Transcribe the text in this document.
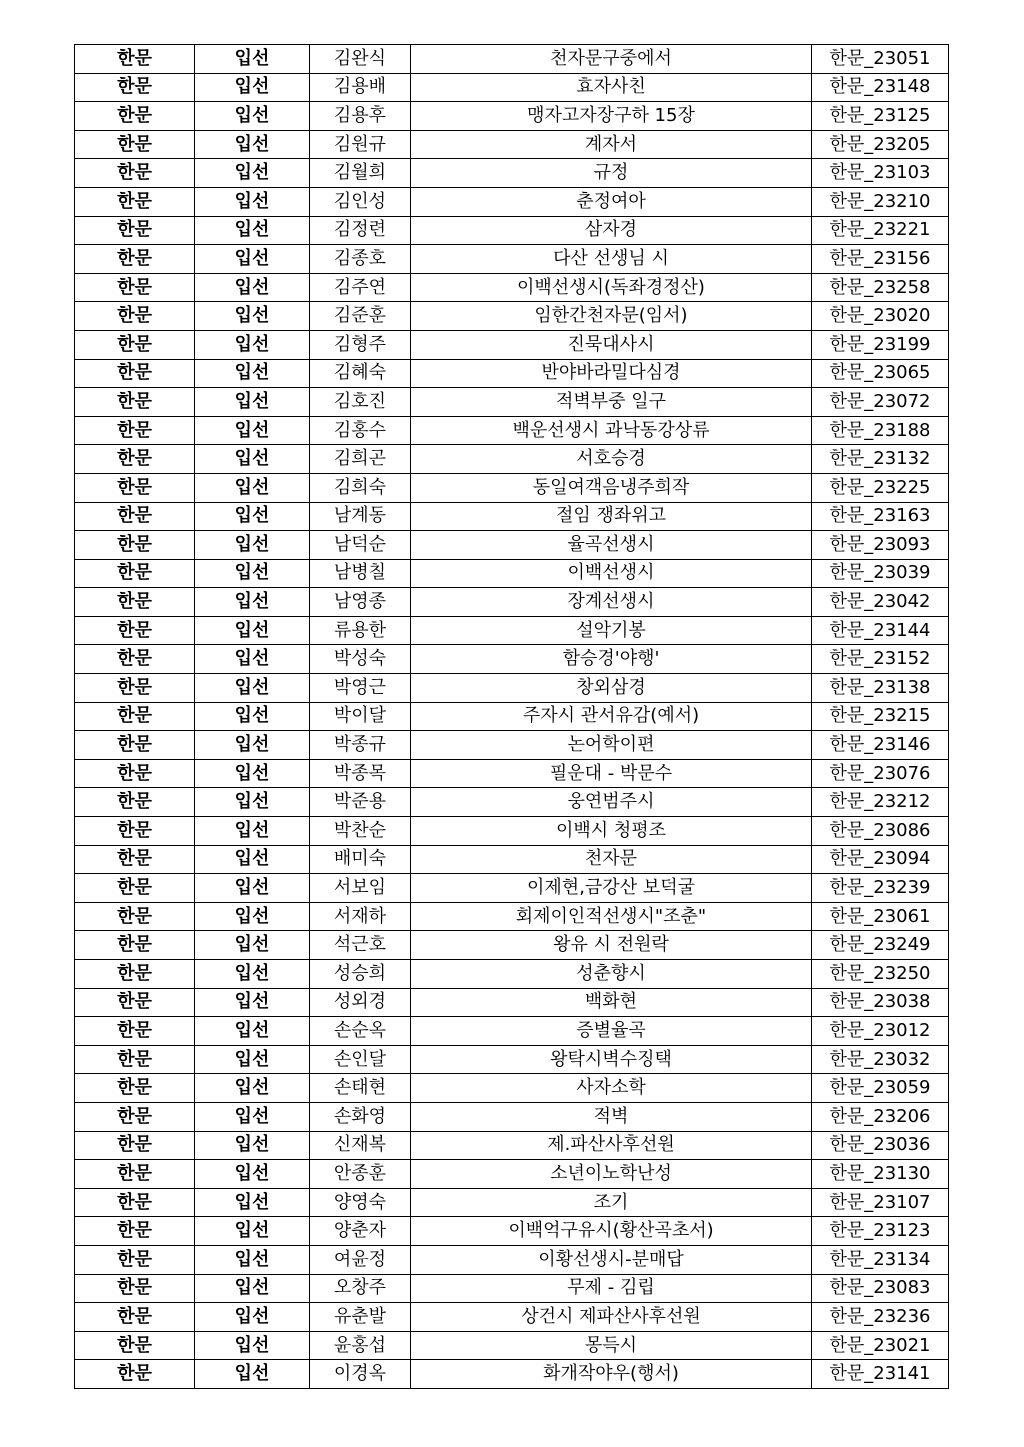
한문	입선	김완식	천자문구중에서	한문_23051
한문	입선	김용배	효자사친	한문_23148
한문	입선	김용후	맹자고자장구하 15장	한문_23125
한문	입선	김원규	계자서	한문_23205
한문	입선	김월희	규정	한문_23103
한문	입선	김인성	춘정여아	한문_23210
한문	입선	김정련	삼자경	한문_23221
한문	입선	김종호	다산 선생님 시	한문_23156
한문	입선	김주연	이백선생시(독좌경정산)	한문_23258
한문	입선	김준훈	임한간천자문(임서)	한문_23020
한문	입선	김형주	진묵대사시	한문_23199
한문	입선	김혜숙	반야바라밀다심경	한문_23065
한문	입선	김호진	적벽부중 일구	한문_23072
한문	입선	김홍수	백운선생시 과낙동강상류	한문_23188
한문	입선	김희곤	서호승경	한문_23132
한문	입선	김희숙	동일여객음냉주희작	한문_23225
한문	입선	남계동	절임 쟁좌위고	한문_23163
한문	입선	남덕순	율곡선생시	한문_23093
한문	입선	남병칠	이백선생시	한문_23039
한문	입선	남영종	장계선생시	한문_23042
한문	입선	류용한	설악기봉	한문_23144
한문	입선	박성숙	함승경'야행'	한문_23152
한문	입선	박영근	창외삼경	한문_23138
한문	입선	박이달	주자시 관서유감(예서)	한문_23215
한문	입선	박종규	논어학이편	한문_23146
한문	입선	박종목	필운대 - 박문수	한문_23076
한문	입선	박준용	웅연범주시	한문_23212
한문	입선	박찬순	이백시 청평조	한문_23086
한문	입선	배미숙	천자문	한문_23094
한문	입선	서보임	이제현,금강산 보덕굴	한문_23239
한문	입선	서재하	회제이인적선생시"조춘"	한문_23061
한문	입선	석근호	왕유 시 전원락	한문_23249
한문	입선	성승희	성춘향시	한문_23250
한문	입선	성외경	백화현	한문_23038
한문	입선	손순옥	증별율곡	한문_23012
한문	입선	손인달	왕탁시벽수징택	한문_23032
한문	입선	손태현	사자소학	한문_23059
한문	입선	손화영	적벽	한문_23206
한문	입선	신재복	제.파산사후선원	한문_23036
한문	입선	안종훈	소년이노학난성	한문_23130
한문	입선	양영숙	조기	한문_23107
한문	입선	양춘자	이백억구유시(황산곡초서)	한문_23123
한문	입선	여윤정	이황선생시-분매답	한문_23134
한문	입선	오창주	무제 - 김립	한문_23083
한문	입선	유춘발	상건시 제파산사후선원	한문_23236
한문	입선	윤홍섭	몽득시	한문_23021
한문	입선	이경옥	화개작야우(행서)	한문_23141
